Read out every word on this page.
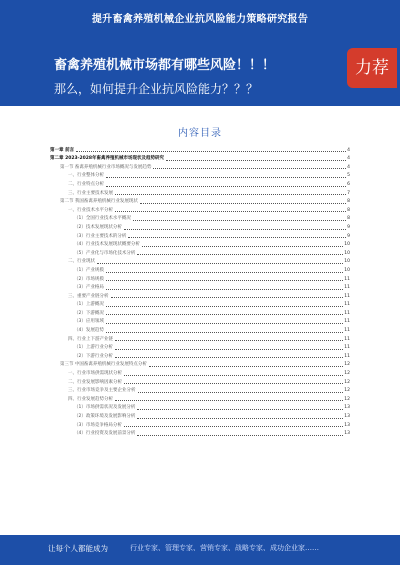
提升畜禽养殖机械企业抗风险能力策略研究报告
畜禽养殖机械市场都有哪些风险！！！
那么，如何提升企业抗风险能力？？？
力荐
内容目录
第一章 前言	4
第二章 2023-2028年畜禽养殖机械市场现状及趋势研究	4
第一节 畜禽养殖机械行业市场概况与发展趋势	4
一、行业整体分析	5
二、行业特点分析	6
三、行业主要技术发展	7
第二节 我国畜禽养殖机械行业发展现状	8
一、行业技术水平分析	8
（1）全国行业技术水平概况	8
（2）技术发展现状分析	9
（3）行业主要技术的分析	9
（4）行业技术发展现状概要分析	10
（5）产业化与市场化技术分析	10
二、行业现状	10
（1）产业规模	10
（2）市场规模	11
（3）产业格局	11
三、重要产业链分析	11
（1）上游概况	11
（2）下游概况	11
（3）应用领域	11
（4）发展趋势	11
四、行业上下游产业链	11
（1）上游行业分析	11
（2）下游行业分析	11
第三节 中国畜禽养殖机械行业发展特点分析	12
一、行业市场供需现状分析	12
二、行业发展影响因素分析	12
三、行业市场竞争及主要企业分析	12
四、行业发展趋势分析	12
（1）市场供需状况及发展分析	13
（2）政策环境及发展影响分析	13
（3）市场竞争格局分析	13
（4）行业投资及发展前景分析	13
让每个人都能成为	行业专家、管理专家、营销专家、战略专家、成功企业家……
